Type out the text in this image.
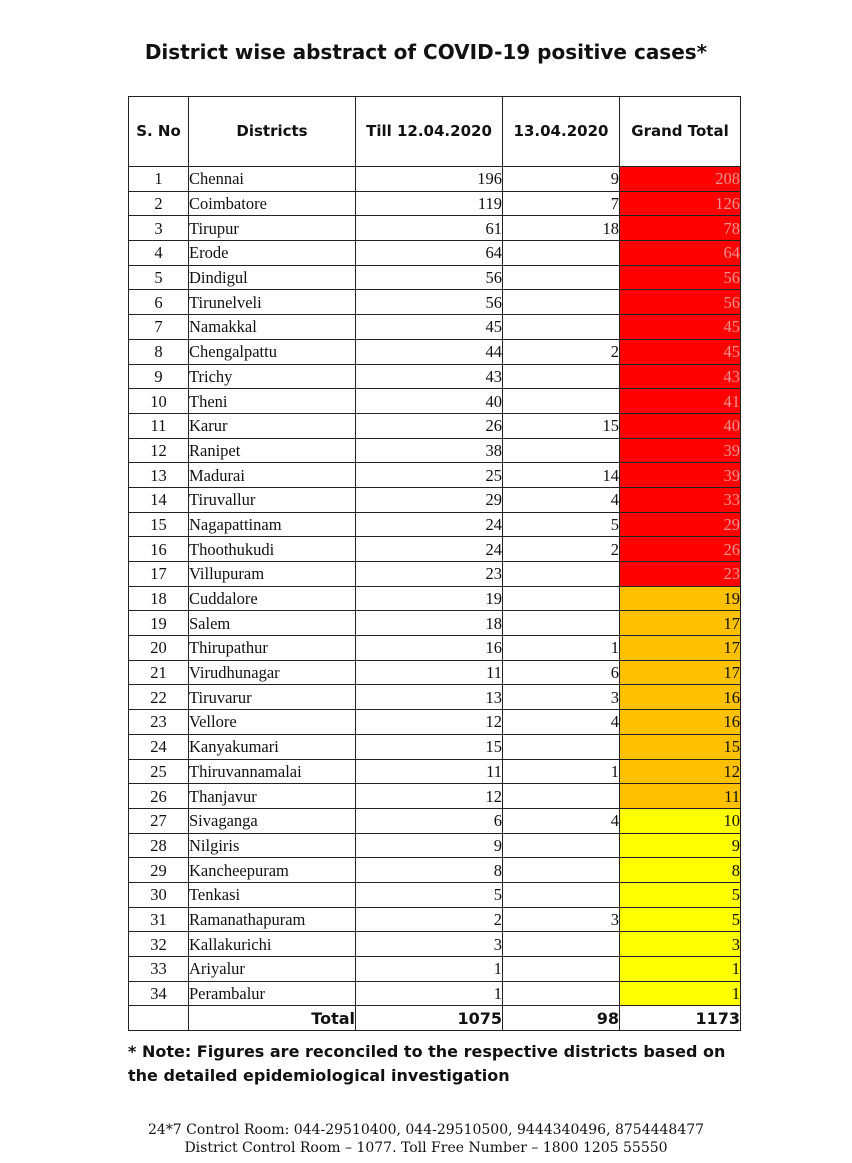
District wise abstract of COVID-19 positive cases*
S. No	Districts	Till 12.04.2020	13.04.2020	Grand Total
1	Chennai	196	9	208
2	Coimbatore	119	7	126
3	Tirupur	61	18	78
4	Erode	64		64
5	Dindigul	56		56
6	Tirunelveli	56		56
7	Namakkal	45		45
8	Chengalpattu	44	2	45
9	Trichy	43		43
10	Theni	40		41
11	Karur	26	15	40
12	Ranipet	38		39
13	Madurai	25	14	39
14	Tiruvallur	29	4	33
15	Nagapattinam	24	5	29
16	Thoothukudi	24	2	26
17	Villupuram	23		23
18	Cuddalore	19		19
19	Salem	18		17
20	Thirupathur	16	1	17
21	Virudhunagar	11	6	17
22	Tiruvarur	13	3	16
23	Vellore	12	4	16
24	Kanyakumari	15		15
25	Thiruvannamalai	11	1	12
26	Thanjavur	12		11
27	Sivaganga	6	4	10
28	Nilgiris	9		9
29	Kancheepuram	8		8
30	Tenkasi	5		5
31	Ramanathapuram	2	3	5
32	Kallakurichi	3		3
33	Ariyalur	1		1
34	Perambalur	1		1
	Total	1075	98	1173
* Note: Figures are reconciled to the respective districts based on
the detailed epidemiological investigation
24*7 Control Room: 044-29510400, 044-29510500, 9444340496, 8754448477
District Control Room – 1077. Toll Free Number – 1800 1205 55550
